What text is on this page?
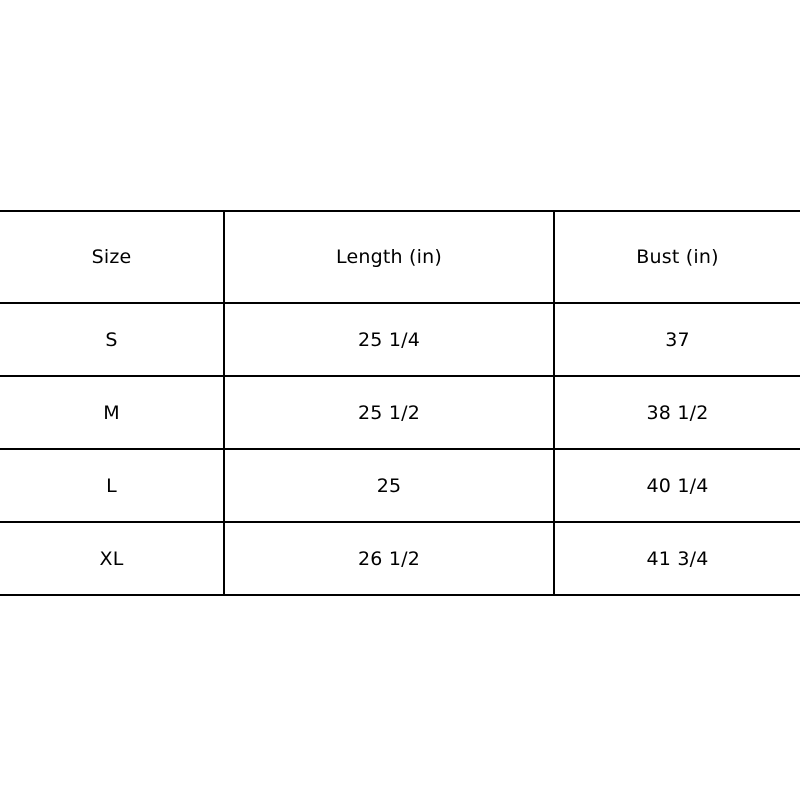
Size	Length (in)	Bust (in)
S	25 1/4	37
M	25 1/2	38 1/2
L	25	40 1/4
XL	26 1/2	41 3/4
